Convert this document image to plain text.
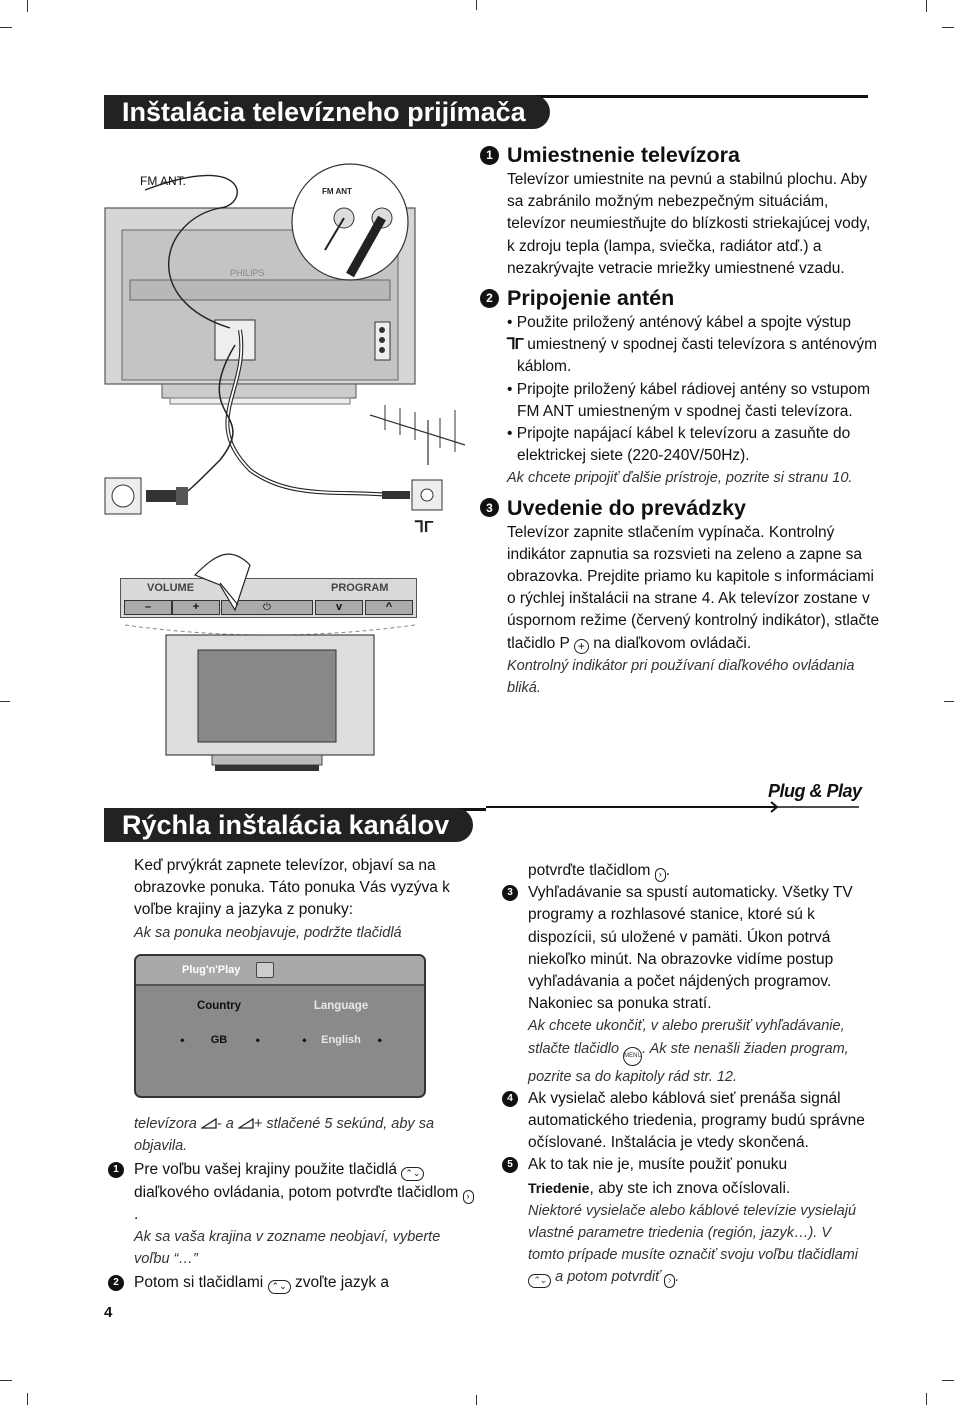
Inštalácia televízneho prijímača
PHILIPS
⅂Γ
FM ANT
FM ANT.
VOLUME	PROGRAM
–	+	⏻	v	^
Plug & Play
Rýchla inštalácia kanálov
1 Umiestnenie televízora

Televízor umiestnite na pevnú a stabilnú plochu. Aby sa zabránilo možným nebezpečným situáciám, televízor neumiestňujte do blízkosti striekajúcej vody, k zdroju tepla (lampa, sviečka, radiátor atď.) a nezakrývajte vetracie mriežky umiestnené vzadu.

2 Pripojenie antén

• Použite priložený anténový kábel a spojte výstup
⅂Γ umiestnený v spodnej časti televízora s anténovým káblom.

• Pripojte priložený kábel rádiovej antény so vstupom FM ANT umiestneným v spodnej časti televízora.

• Pripojte napájací kábel k televízoru a zasuňte do elektrickej siete (220-240V/50Hz).

Ak chcete pripojiť ďalšie prístroje, pozrite si stranu 10.

3 Uvedenie do prevádzky

Televízor zapnite stlačením vypínača. Kontrolný indikátor zapnutia sa rozsvieti na zeleno a zapne sa obrazovka. Prejdite priamo ku kapitole s informáciami o rýchlej inštalácii na strane 4. Ak televízor zostane v úspornom režime (červený kontrolný indikátor), stlačte tlačidlo P + na diaľkovom ovládači.

Kontrolný indikátor pri používaní diaľkového ovládania bliká.

Keď prvýkrát zapnete televízor, objaví sa na obrazovke ponuka. Táto ponuka Vás vyzýva k voľbe krajiny a jazyka z ponuky:

Ak sa ponuka neobjavuje, podržte tlačidlá

Plug'n'Play
Country	Language
⬩	⬩
GB	English
⬩	⬩

televízora - a + stlačené 5 sekúnd, aby sa objavila.

1 Pre voľbu vašej krajiny použite tlačidlá ⌃⌄ diaľkového ovládania, potom potvrďte tlačidlom ›.

Ak sa vaša krajina v zozname neobjaví, vyberte voľbu “…”

2 Potom si tlačidlami ⌃⌄ zvoľte jazyk a

potvrďte tlačidlom › .

3 Vyhľadávanie sa spustí automaticky. Všetky TV programy a rozhlasové stanice, ktoré sú k dispozícii, sú uložené v pamäti. Úkon potrvá niekoľko minút. Na obrazovke vidíme postup vyhľadávania a počet nájdených programov. Nakoniec sa ponuka stratí.

Ak chcete ukončiť, v alebo prerušiť vyhľadávanie, stlačte tlačidlo MENU. Ak ste nenašli žiaden program, pozrite sa do kapitoly rád str. 12.

4 Ak vysielač alebo káblová sieť prenáša signál automatického triedenia, programy budú správne očíslované. Inštalácia je vtedy skončená.

5 Ak to tak nie je, musíte použiť ponuku
Triedenie, aby ste ich znova očíslovali.

Niektoré vysielače alebo káblové televízie vysielajú vlastné parametre triedenia (región, jazyk…). V tomto prípade musíte označiť svoju voľbu tlačidlami ⌃⌄ a potom potvrdiť › .

4
